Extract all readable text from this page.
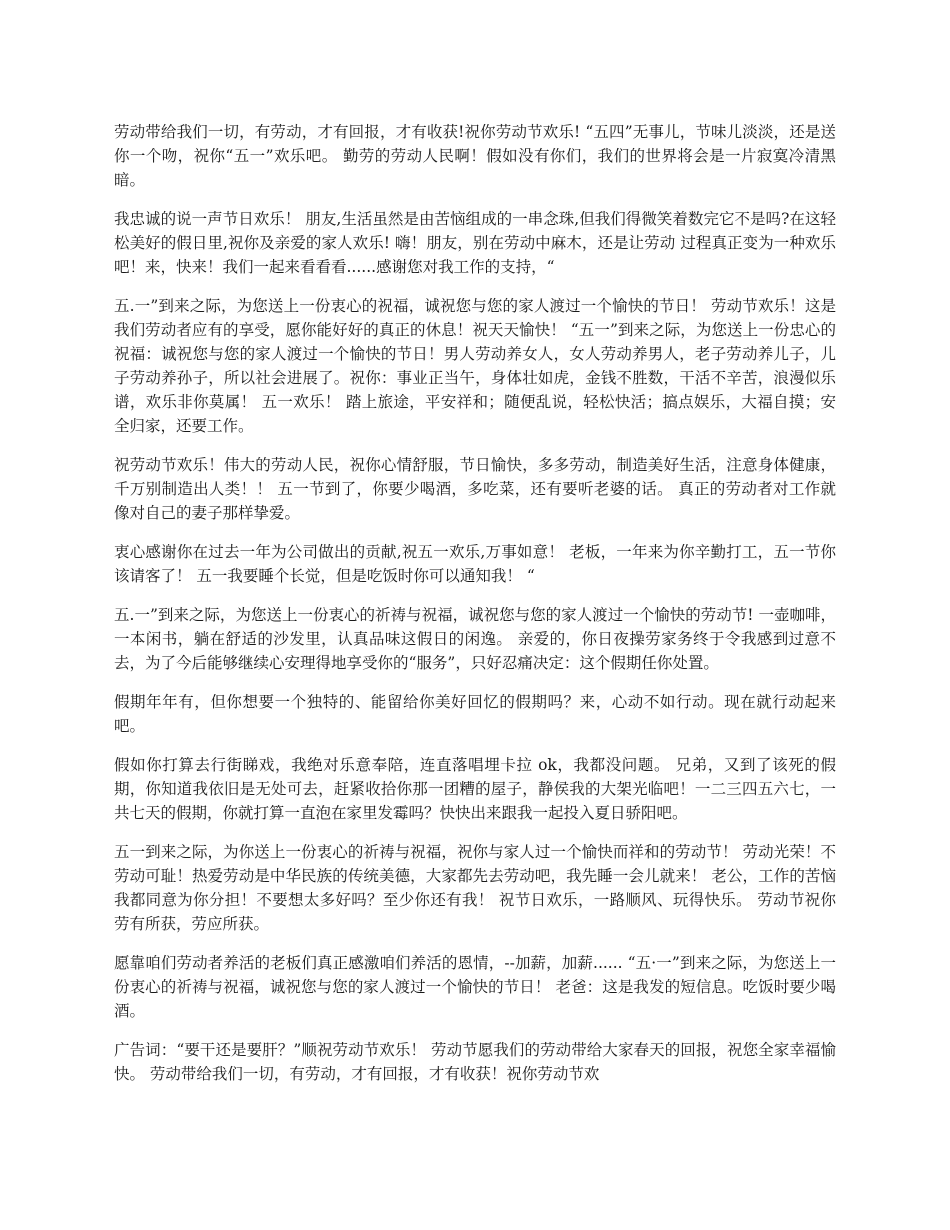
劳动带给我们一切，有劳动，才有回报，才有收获!祝你劳动节欢乐! “五四”无事儿，节味儿淡淡，还是送你一个吻，祝你“五一”欢乐吧。 勤劳的劳动人民啊！假如没有你们，我们的世界将会是一片寂寞冷清黑暗。

我忠诚的说一声节日欢乐！ 朋友,生活虽然是由苦恼组成的一串念珠,但我们得微笑着数完它不是吗?在这轻松美好的假日里,祝你及亲爱的家人欢乐! 嗨！朋友，别在劳动中麻木，还是让劳动 过程真正变为一种欢乐吧！来，快来！我们一起来看看看......感谢您对我工作的支持，“

五.一”到来之际，为您送上一份衷心的祝福，诚祝您与您的家人渡过一个愉快的节日！ 劳动节欢乐！这是我们劳动者应有的享受，愿你能好好的真正的休息！祝天天愉快！ “五一”到来之际，为您送上一份忠心的祝福：诚祝您与您的家人渡过一个愉快的节日！男人劳动养女人，女人劳动养男人，老子劳动养儿子，儿子劳动养孙子，所以社会进展了。祝你：事业正当午，身体壮如虎，金钱不胜数，干活不辛苦，浪漫似乐谱，欢乐非你莫属！ 五一欢乐！ 踏上旅途，平安祥和；随便乱说，轻松快活；搞点娱乐，大福自摸；安全归家，还要工作。

祝劳动节欢乐！伟大的劳动人民，祝你心情舒服，节日愉快，多多劳动，制造美好生活，注意身体健康，千万别制造出人类！！ 五一节到了，你要少喝酒，多吃菜，还有要听老婆的话。 真正的劳动者对工作就像对自己的妻子那样挚爱。

衷心感谢你在过去一年为公司做出的贡献,祝五一欢乐,万事如意！ 老板，一年来为你辛勤打工，五一节你该请客了！ 五一我要睡个长觉，但是吃饭时你可以通知我！ “

五.一”到来之际，为您送上一份衷心的祈祷与祝福，诚祝您与您的家人渡过一个愉快的劳动节! 一壶咖啡，一本闲书，躺在舒适的沙发里，认真品味这假日的闲逸。 亲爱的，你日夜操劳家务终于令我感到过意不去，为了今后能够继续心安理得地享受你的“服务”，只好忍痛决定：这个假期任你处置。

假期年年有，但你想要一个独特的、能留给你美好回忆的假期吗？来，心动不如行动。现在就行动起来吧。

假如你打算去行街睇戏，我绝对乐意奉陪，连直落唱埋卡拉 ok，我都没问题。 兄弟，又到了该死的假期，你知道我依旧是无处可去，赶紧收拾你那一团糟的屋子，静侯我的大架光临吧！一二三四五六七，一共七天的假期，你就打算一直泡在家里发霉吗？快快出来跟我一起投入夏日骄阳吧。

五一到来之际，为你送上一份衷心的祈祷与祝福，祝你与家人过一个愉快而祥和的劳动节！ 劳动光荣！不劳动可耻！热爱劳动是中华民族的传统美德，大家都先去劳动吧，我先睡一会儿就来！ 老公，工作的苦恼我都同意为你分担！不要想太多好吗？至少你还有我！ 祝节日欢乐，一路顺风、玩得快乐。 劳动节祝你劳有所获，劳应所获。

愿靠咱们劳动者养活的老板们真正感激咱们养活的恩情，--加薪，加薪...... “五·一”到来之际，为您送上一份衷心的祈祷与祝福，诚祝您与您的家人渡过一个愉快的节日！ 老爸：这是我发的短信息。吃饭时要少喝酒。

广告词：“要干还是要肝？”顺祝劳动节欢乐！ 劳动节愿我们的劳动带给大家春天的回报，祝您全家幸福愉快。 劳动带给我们一切，有劳动，才有回报，才有收获！祝你劳动节欢
